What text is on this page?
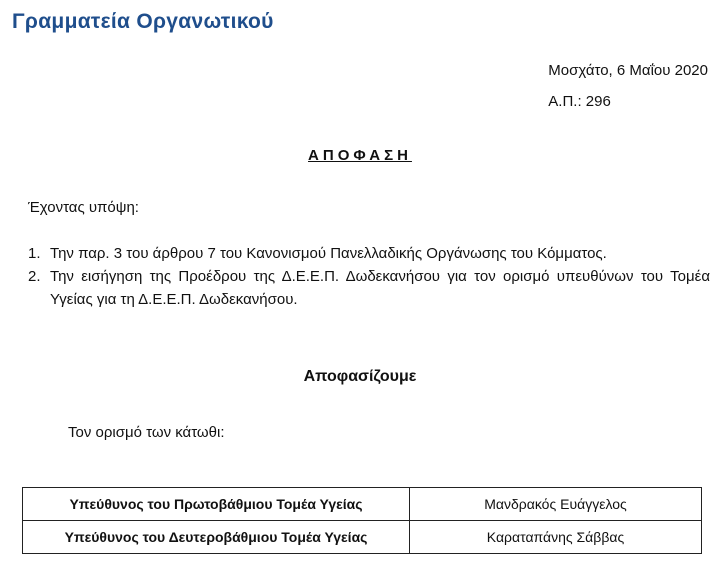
Γραμματεία Οργανωτικού
Μοσχάτο, 6 Μαΐου 2020
Α.Π.: 296
ΑΠΟΦΑΣΗ
Έχοντας υπόψη:
1. Την παρ. 3 του άρθρου 7 του Κανονισμού Πανελλαδικής Οργάνωσης του Κόμματος.
2. Την εισήγηση της Προέδρου της Δ.Ε.Ε.Π. Δωδεκανήσου για τον ορισμό υπευθύνων του Τομέα Υγείας για τη Δ.Ε.Ε.Π. Δωδεκανήσου.
Αποφασίζουμε
Τον ορισμό των κάτωθι:
Υπεύθυνος του Πρωτοβάθμιου Τομέα Υγείας	Μανδρακός Ευάγγελος
Υπεύθυνος του Δευτεροβάθμιου Τομέα Υγείας	Καραταπάνης Σάββας
